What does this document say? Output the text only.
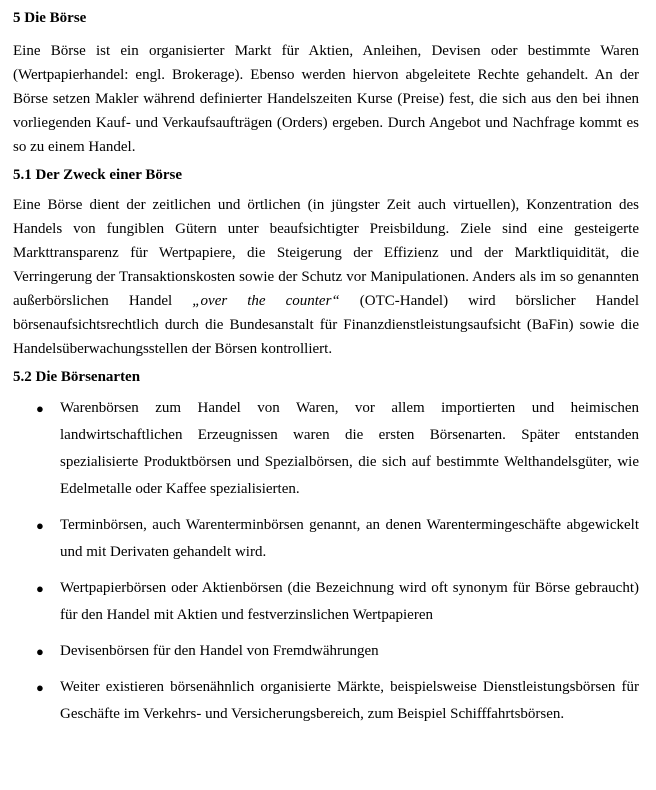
5 Die Börse

Eine Börse ist ein organisierter Markt für Aktien, Anleihen, Devisen oder bestimmte Waren (Wertpapierhandel: engl. Brokerage). Ebenso werden hiervon abgeleitete Rechte gehandelt. An der Börse setzen Makler während definierter Handelszeiten Kurse (Preise) fest, die sich aus den bei ihnen vorliegenden Kauf- und Verkaufsaufträgen (Orders) ergeben. Durch Angebot und Nachfrage kommt es so zu einem Handel.

5.1 Der Zweck einer Börse

Eine Börse dient der zeitlichen und örtlichen (in jüngster Zeit auch virtuellen), Konzentration des Handels von fungiblen Gütern unter beaufsichtigter Preisbildung. Ziele sind eine gesteigerte Markttransparenz für Wertpapiere, die Steigerung der Effizienz und der Marktliquidität, die Verringerung der Transaktionskosten sowie der Schutz vor Manipulationen. Anders als im so genannten außerbörslichen Handel „over the counter“ (OTC-Handel) wird börslicher Handel börsenaufsichtsrechtlich durch die Bundesanstalt für Finanzdienstleistungsaufsicht (BaFin) sowie die Handelsüberwachungsstellen der Börsen kontrolliert.

5.2 Die Börsenarten
● Warenbörsen zum Handel von Waren, vor allem importierten und heimischen landwirtschaftlichen Erzeugnissen waren die ersten Börsenarten. Später entstanden spezialisierte Produktbörsen und Spezialbörsen, die sich auf bestimmte Welthandelsgüter, wie Edelmetalle oder Kaffee spezialisierten.
● Terminbörsen, auch Warenterminbörsen genannt, an denen Warentermingeschäfte abgewickelt und mit Derivaten gehandelt wird.
● Wertpapierbörsen oder Aktienbörsen (die Bezeichnung wird oft synonym für Börse gebraucht) für den Handel mit Aktien und festverzinslichen Wertpapieren
● Devisenbörsen für den Handel von Fremdwährungen
● Weiter existieren börsenähnlich organisierte Märkte, beispielsweise Dienstleistungsbörsen für Geschäfte im Verkehrs- und Versicherungsbereich, zum Beispiel Schifffahrtsbörsen.
